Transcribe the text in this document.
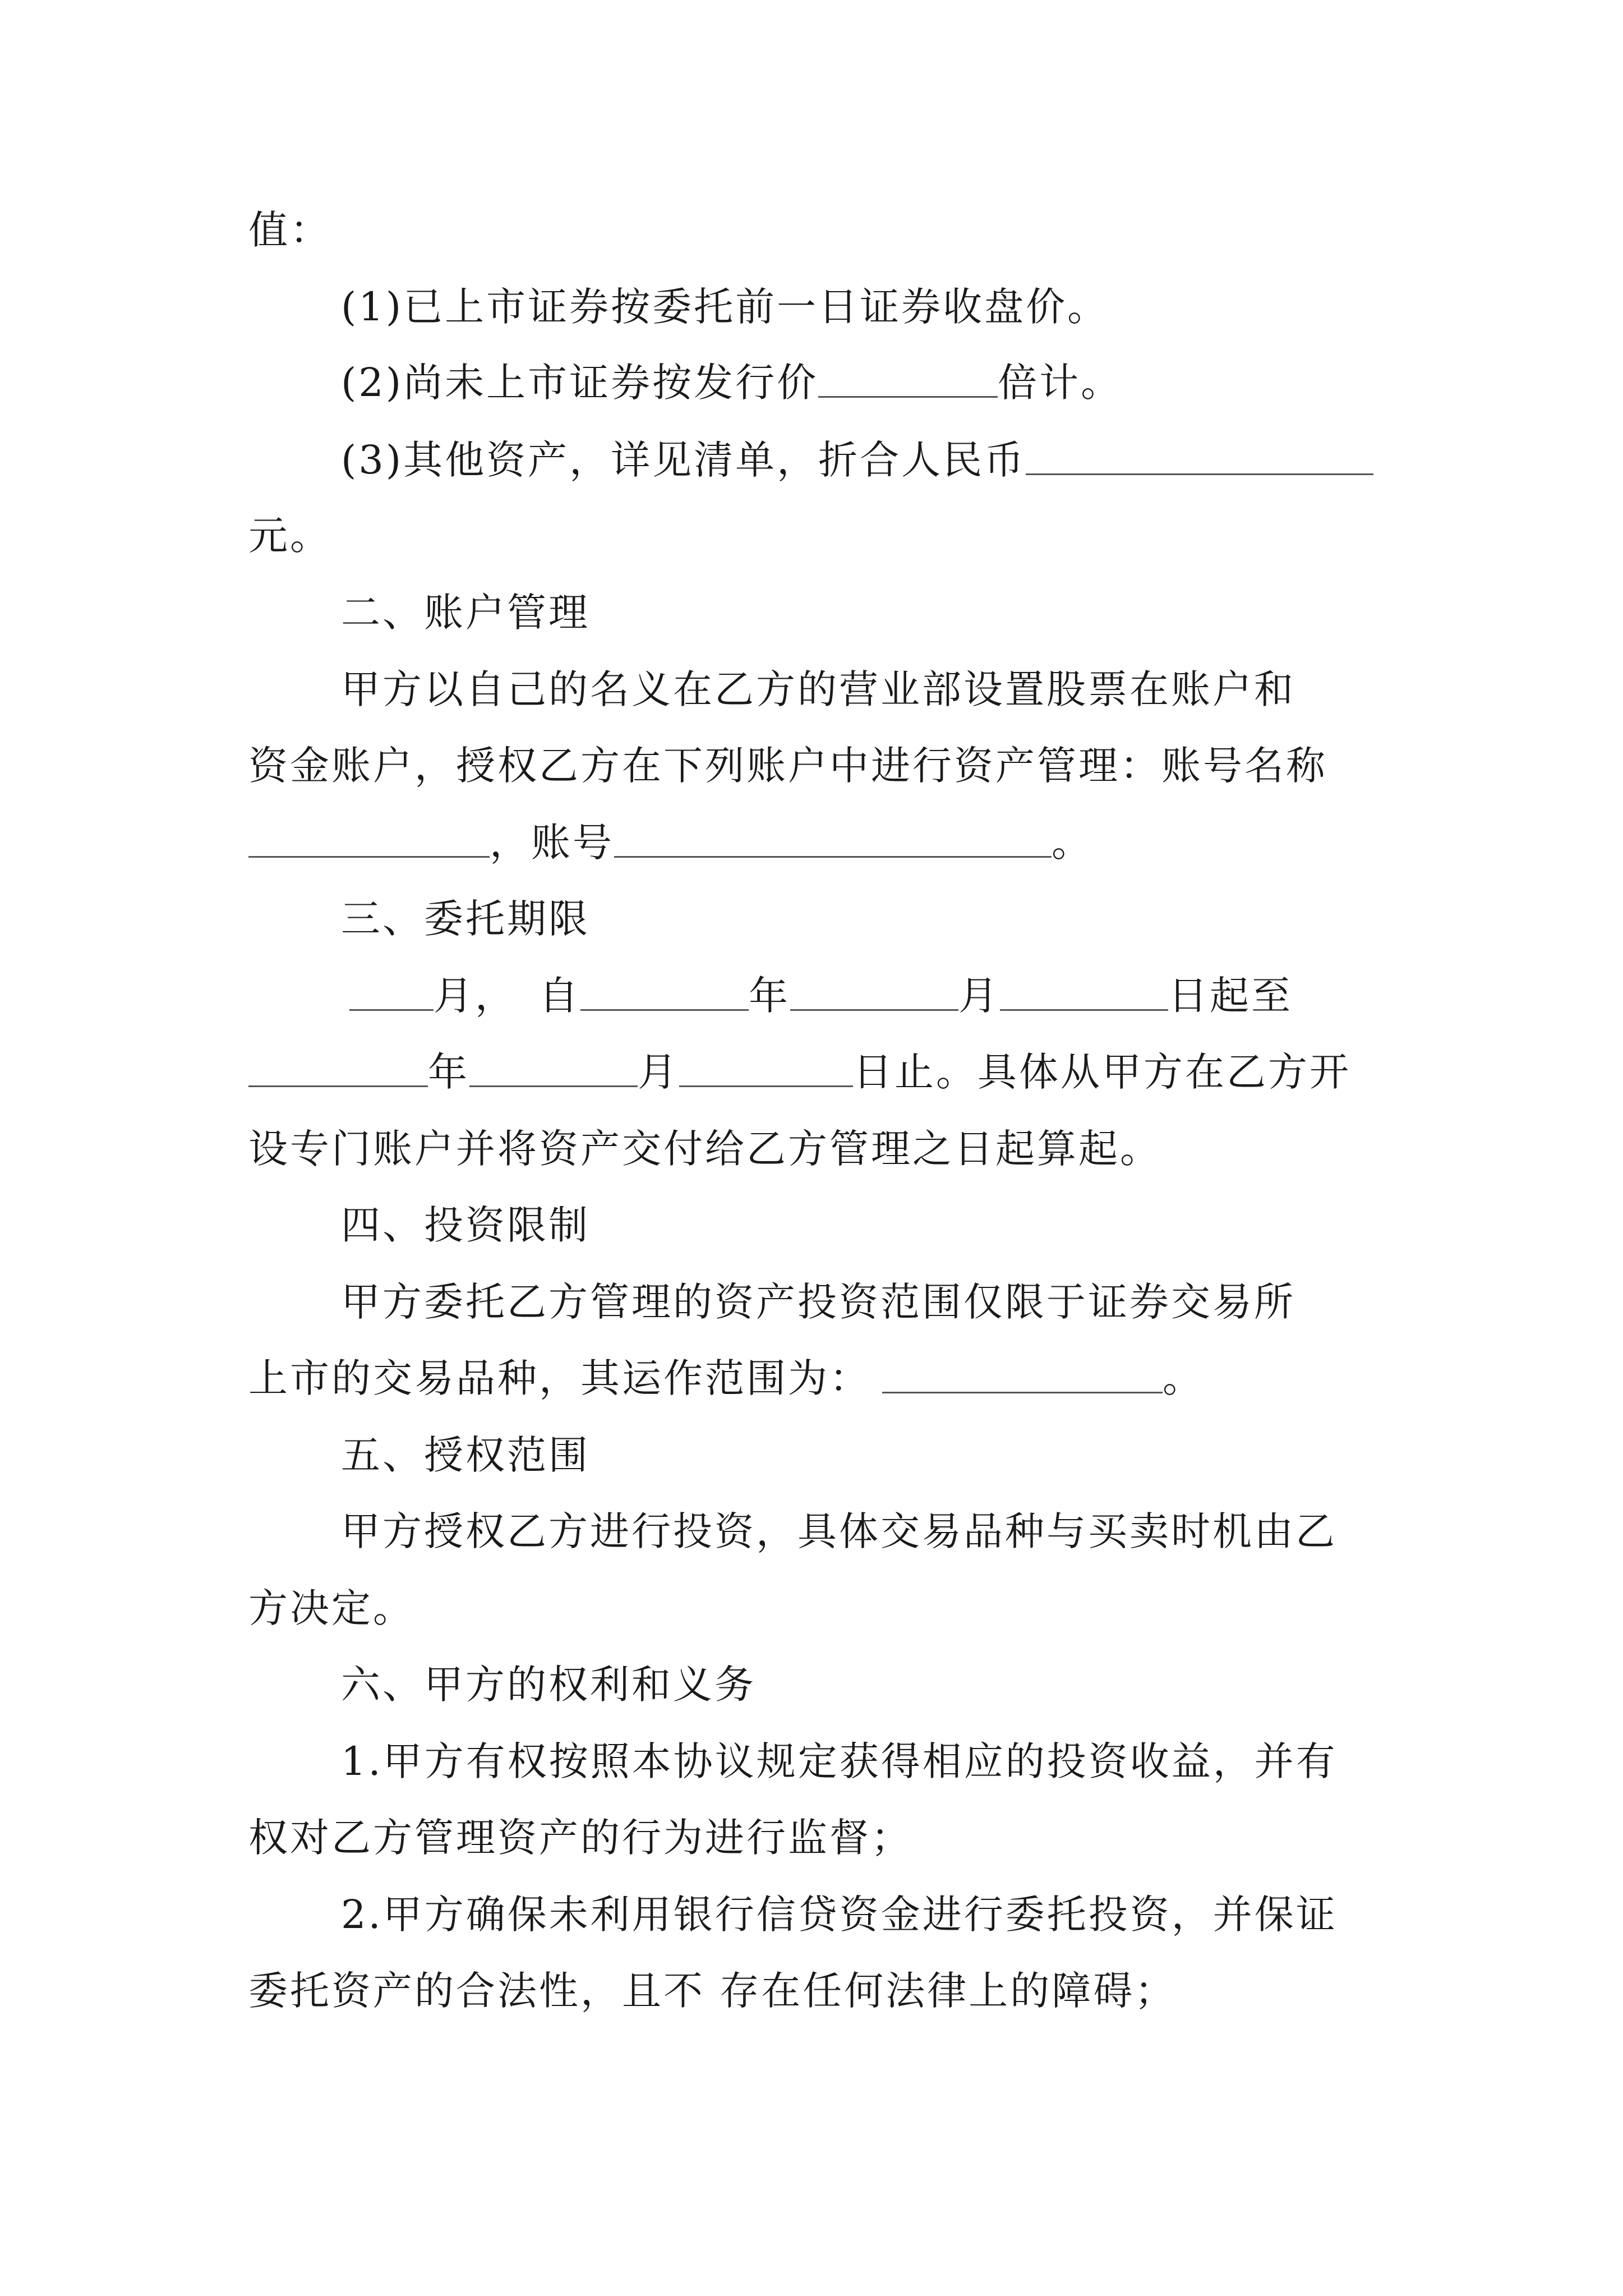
值：
(1)已上市证券按委托前一日证券收盘价。
(2)尚未上市证券按发行价	倍计。
(3)其他资产，详见清单，折合人民币
元。
二、账户管理
甲方以自己的名义在乙方的营业部设置股票在账户和
资金账户，授权乙方在下列账户中进行资产管理：账号名称
，账号	。
三、委托期限
月， 自	年	月	日起至
年	月	日止。具体从甲方在乙方开
设专门账户并将资产交付给乙方管理之日起算起。
四、投资限制
甲方委托乙方管理的资产投资范围仅限于证券交易所
上市的交易品种，其运作范围为：	。
五、授权范围
甲方授权乙方进行投资，具体交易品种与买卖时机由乙
方决定。
六、甲方的权利和义务
1.甲方有权按照本协议规定获得相应的投资收益，并有
权对乙方管理资产的行为进行监督；
2.甲方确保未利用银行信贷资金进行委托投资，并保证
委托资产的合法性，且不 存在任何法律上的障碍；
